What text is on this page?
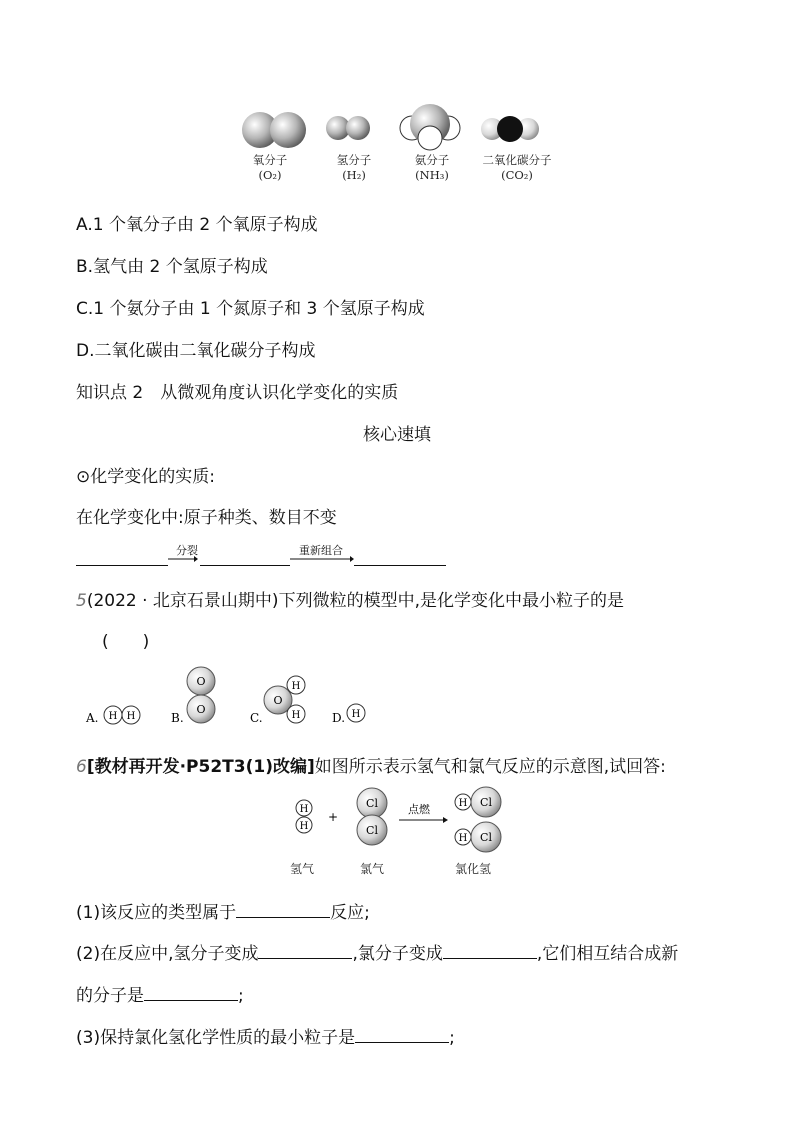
氧分子
(O₂)
氢分子
(H₂)
氨分子
(NH₃)
二氧化碳分子
(CO₂)
A.1 个氧分子由 2 个氧原子构成
B.氢气由 2 个氢原子构成
C.1 个氨分子由 1 个氮原子和 3 个氢原子构成
D.二氧化碳由二氧化碳分子构成
知识点 2　从微观角度认识化学变化的实质
核心速填
⊙化学变化的实质:
在化学变化中:原子种类、数目不变
分裂	重新组合
5(2022 · 北京石景山期中)下列微粒的模型中,是化学变化中最小粒子的是
(　　)
A. H H	B.
O
O
C.
O
H
H	D. H
6[教材再开发·P52T3(1)改编]如图所示表示氢气和氯气反应的示意图,试回答:
H
H
+
Cl
Cl
点燃	H Cl
H Cl
氢气	氯气	氯化氢
(1)该反应的类型属于	反应;
(2)在反应中,氢分子变成	,氯分子变成	,它们相互结合成新
的分子是	;
(3)保持氯化氢化学性质的最小粒子是	;
